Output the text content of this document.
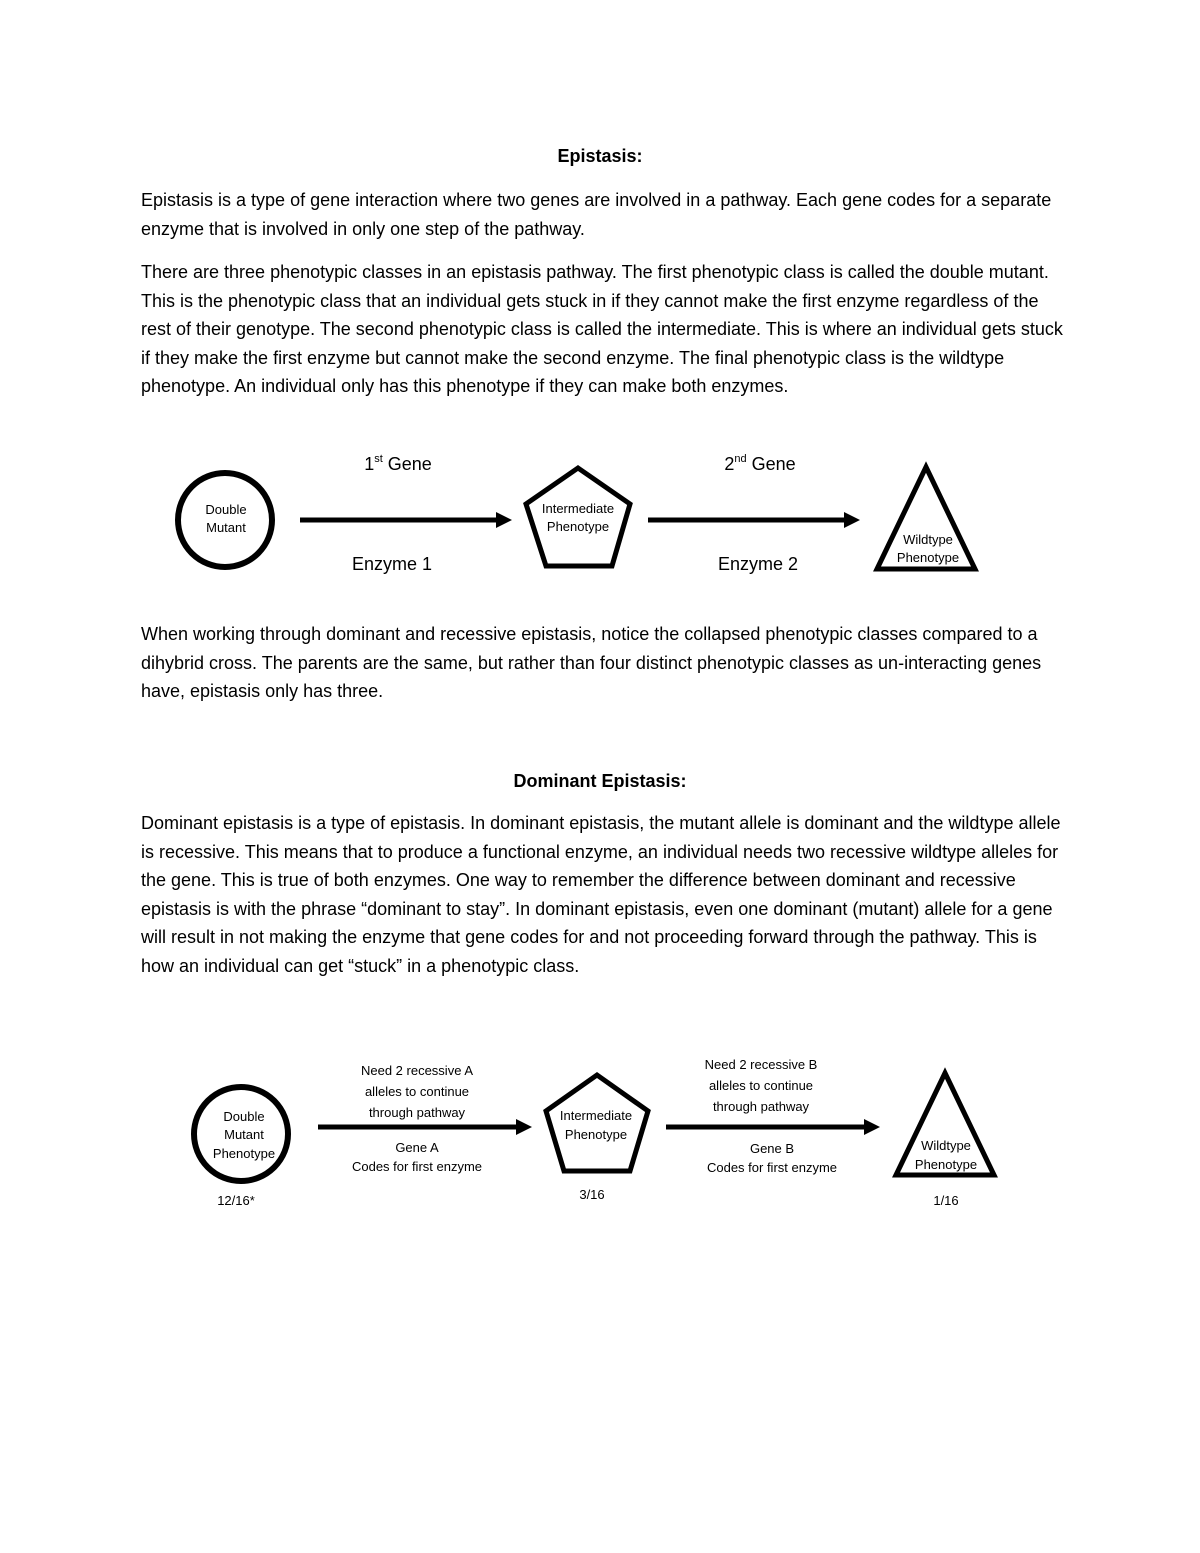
Epistasis:

Epistasis is a type of gene interaction where two genes are involved in a pathway. Each gene codes for a separate enzyme that is involved in only one step of the pathway.

There are three phenotypic classes in an epistasis pathway. The first phenotypic class is called the double mutant. This is the phenotypic class that an individual gets stuck in if they cannot make the first enzyme regardless of the rest of their genotype. The second phenotypic class is called the intermediate. This is where an individual gets stuck if they make the first enzyme but cannot make the second enzyme. The final phenotypic class is the wildtype phenotype. An individual only has this phenotype if they can make both enzymes.

Double
Mutant
1st Gene
Enzyme 1
Intermediate
Phenotype
2nd Gene
Enzyme 2
Wildtype
Phenotype

When working through dominant and recessive epistasis, notice the collapsed phenotypic classes compared to a dihybrid cross. The parents are the same, but rather than four distinct phenotypic classes as un-interacting genes have, epistasis only has three.

Dominant Epistasis:

Dominant epistasis is a type of epistasis. In dominant epistasis, the mutant allele is dominant and the wildtype allele is recessive. This means that to produce a functional enzyme, an individual needs two recessive wildtype alleles for the gene. This is true of both enzymes. One way to remember the difference between dominant and recessive epistasis is with the phrase “dominant to stay”. In dominant epistasis, even one dominant (mutant) allele for a gene will result in not making the enzyme that gene codes for and not proceeding forward through the pathway. This is how an individual can get “stuck” in a phenotypic class.

Double
Mutant
Phenotype
12/16*
Need 2 recessive A
alleles to continue
through pathway
Gene A
Codes for first enzyme
Intermediate
Phenotype
3/16
Need 2 recessive B
alleles to continue
through pathway
Gene B
Codes for first enzyme
Wildtype
Phenotype
1/16
